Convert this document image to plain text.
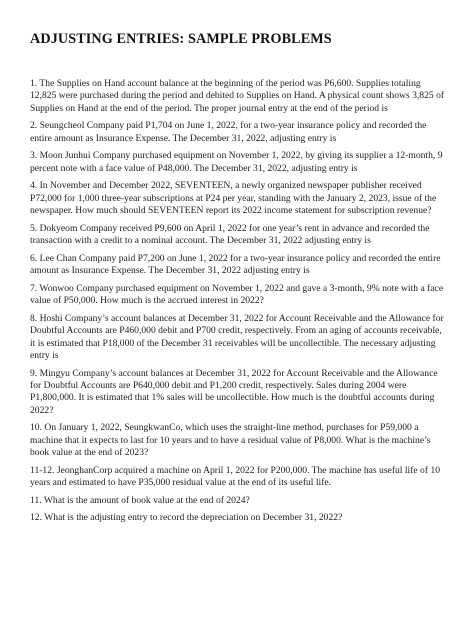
ADJUSTING ENTRIES: SAMPLE PROBLEMS

1. The Supplies on Hand account balance at the beginning of the period was P6,600. Supplies totaling 12,825 were purchased during the period and debited to Supplies on Hand. A physical count shows 3,825 of Supplies on Hand at the end of the period. The proper journal entry at the end of the period is

2. Seungcheol Company paid P1,704 on June 1, 2022, for a two-year insurance policy and recorded the entire amount as Insurance Expense. The December 31, 2022, adjusting entry is

3. Moon Junhui Company purchased equipment on November 1, 2022, by giving its supplier a 12-month, 9 percent note with a face value of P48,000. The December 31, 2022, adjusting entry is

4. In November and December 2022, SEVENTEEN, a newly organized newspaper publisher received P72,000 for 1,000 three-year subscriptions at P24 per year, standing with the January 2, 2023, issue of the newspaper. How much should SEVENTEEN report its 2022 income statement for subscription revenue?

5. Dokyeom Company received P9,600 on April 1, 2022 for one year’s rent in advance and recorded the transaction with a credit to a nominal account. The December 31, 2022 adjusting entry is

6. Lee Chan Company paid P7,200 on June 1, 2022 for a two-year insurance policy and recorded the entire amount as Insurance Expense. The December 31, 2022 adjusting entry is

7. Wonwoo Company purchased equipment on November 1, 2022 and gave a 3-month, 9% note with a face value of P50,000. How much is the accrued interest in 2022?

8. Hoshi Company’s account balances at December 31, 2022 for Account Receivable and the Allowance for Doubtful Accounts are P460,000 debit and P700 credit, respectively. From an aging of accounts receivable, it is estimated that P18,000 of the December 31 receivables will be uncollectible. The necessary adjusting entry is

9. Mingyu Company’s account balances at December 31, 2022 for Account Receivable and the Allowance for Doubtful Accounts are P640,000 debit and P1,200 credit, respectively. Sales during 2004 were P1,800,000. It is estimated that 1% sales will be uncollectible. How much is the doubtful accounts during 2022?

10. On January 1, 2022, SeungkwanCo, which uses the straight-line method, purchases for P59,000 a machine that it expects to last for 10 years and to have a residual value of P8,000. What is the machine’s book value at the end of 2023?

11-12. JeonghanCorp acquired a machine on April 1, 2022 for P200,000. The machine has useful life of 10 years and estimated to have P35,000 residual value at the end of its useful life.

11. What is the amount of book value at the end of 2024?

12. What is the adjusting entry to record the depreciation on December 31, 2022?
